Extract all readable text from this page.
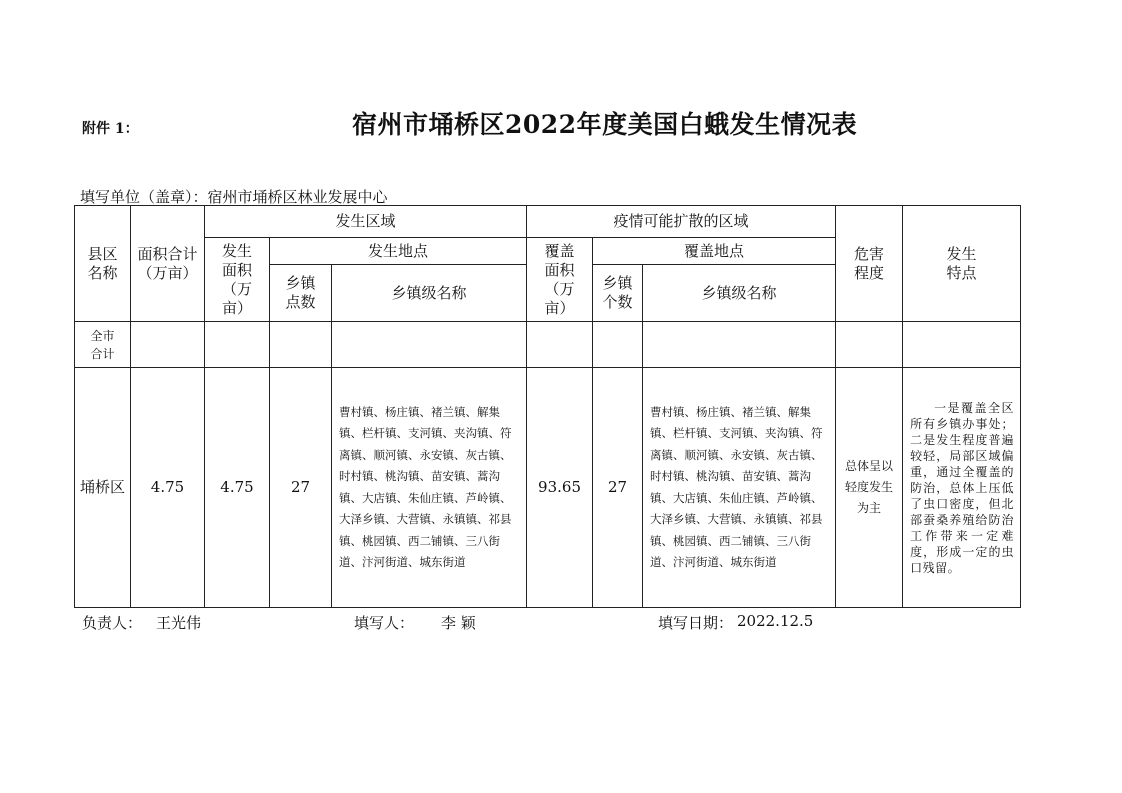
附件 1：	宿州市埇桥区2022年度美国白蛾发生情况表
填写单位（盖章）：宿州市埇桥区林业发展中心
县区名称	面积合计（万亩）	发生区域			疫情可能扩散的区域			危害程度	发生特点

		发生面积（万亩）	发生地点		覆盖面积（万亩）	覆盖地点			

			乡镇点数	乡镇级名称		乡镇个数	乡镇级名称		

全市合计									

埇桥区	4.75	4.75	27	曹村镇、杨庄镇、褚兰镇、解集镇、栏杆镇、支河镇、夹沟镇、符离镇、顺河镇、永安镇、灰古镇、时村镇、桃沟镇、苗安镇、蒿沟镇、大店镇、朱仙庄镇、芦岭镇、大泽乡镇、大营镇、永镇镇、祁县镇、桃园镇、西二铺镇、三八街道、汴河街道、城东街道	93.65	27	曹村镇、杨庄镇、褚兰镇、解集镇、栏杆镇、支河镇、夹沟镇、符离镇、顺河镇、永安镇、灰古镇、时村镇、桃沟镇、苗安镇、蒿沟镇、大店镇、朱仙庄镇、芦岭镇、大泽乡镇、大营镇、永镇镇、祁县镇、桃园镇、西二铺镇、三八街道、汴河街道、城东街道	总体呈以轻度发生为主	一是覆盖全区所有乡镇办事处；二是发生程度普遍较轻，局部区域偏重，通过全覆盖的防治，总体上压低了虫口密度，但北部蚕桑养殖给防治工作带来一定难度，形成一定的虫口残留。
负责人： 王光伟	填写人： 李 颖	填写日期： 2022.12.5
